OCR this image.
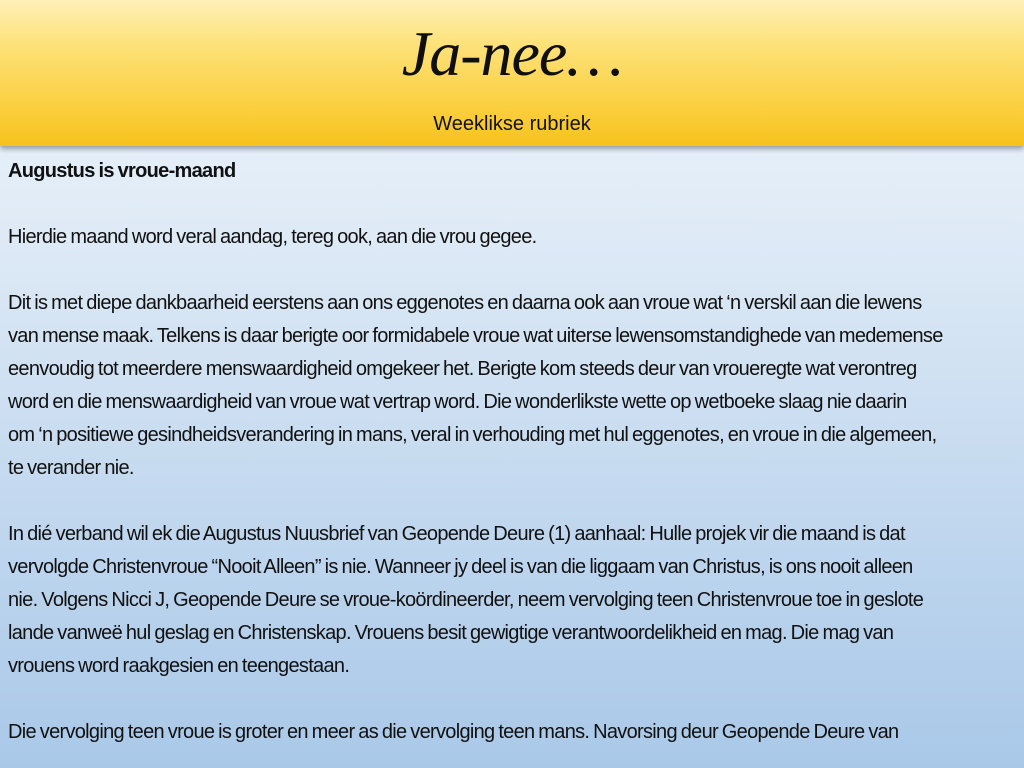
Ja-nee…
Weeklikse rubriek
Augustus is vroue-maand
Hierdie maand word veral aandag, tereg ook, aan die vrou gegee.
Dit is met diepe dankbaarheid eerstens aan ons eggenotes en daarna ook aan vroue wat ‘n verskil aan die lewens
van mense maak. Telkens is daar berigte oor formidabele vroue wat uiterse lewensomstandighede van medemense
eenvoudig tot meerdere menswaardigheid omgekeer het. Berigte kom steeds deur van vroueregte wat verontreg
word en die menswaardigheid van vroue wat vertrap word. Die wonderlikste wette op wetboeke slaag nie daarin
om ‘n positiewe gesindheidsverandering in mans, veral in verhouding met hul eggenotes, en vroue in die algemeen,
te verander nie.
In dié verband wil ek die Augustus Nuusbrief van Geopende Deure (1) aanhaal: Hulle projek vir die maand is dat
vervolgde Christenvroue “Nooit Alleen” is nie. Wanneer jy deel is van die liggaam van Christus, is ons nooit alleen
nie. Volgens Nicci J, Geopende Deure se vroue-koördineerder, neem vervolging teen Christenvroue toe in geslote
lande vanweë hul geslag en Christenskap. Vrouens besit gewigtige verantwoordelikheid en mag. Die mag van
vrouens word raakgesien en teengestaan.
Die vervolging teen vroue is groter en meer as die vervolging teen mans. Navorsing deur Geopende Deure van
